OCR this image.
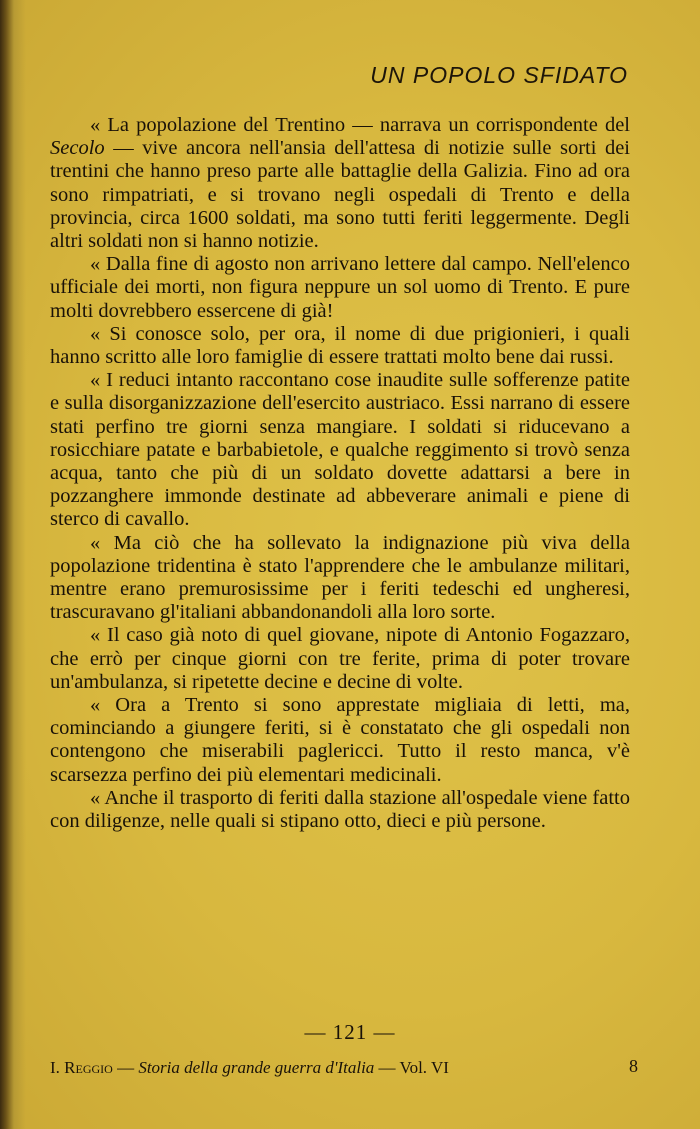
UN POPOLO SFIDATO

« La popolazione del Trentino — narrava un corrispondente del Secolo — vive ancora nell'ansia dell'attesa di notizie sulle sorti dei trentini che hanno preso parte alle battaglie della Galizia. Fino ad ora sono rimpatriati, e si trovano negli ospedali di Trento e della provincia, circa 1600 soldati, ma sono tutti feriti leggermente. Degli altri soldati non si hanno notizie.

« Dalla fine di agosto non arrivano lettere dal campo. Nell'elenco ufficiale dei morti, non figura neppure un sol uomo di Trento. E pure molti dovrebbero essercene di già!

« Si conosce solo, per ora, il nome di due prigionieri, i quali hanno scritto alle loro famiglie di essere trattati molto bene dai russi.

« I reduci intanto raccontano cose inaudite sulle sofferenze patite e sulla disorganizzazione dell'esercito austriaco. Essi narrano di essere stati perfino tre giorni senza mangiare. I soldati si riducevano a rosicchiare patate e barbabietole, e qualche reggimento si trovò senza acqua, tanto che più di un soldato dovette adattarsi a bere in pozzanghere immonde destinate ad abbeverare animali e piene di sterco di cavallo.

« Ma ciò che ha sollevato la indignazione più viva della popolazione tridentina è stato l'apprendere che le ambulanze militari, mentre erano premurosissime per i feriti tedeschi ed ungheresi, trascuravano gl'italiani abbandonandoli alla loro sorte.

« Il caso già noto di quel giovane, nipote di Antonio Fogazzaro, che errò per cinque giorni con tre ferite, prima di poter trovare un'ambulanza, si ripetette decine e decine di volte.

« Ora a Trento si sono apprestate migliaia di letti, ma, cominciando a giungere feriti, si è constatato che gli ospedali non contengono che miserabili paglericci. Tutto il resto manca, v'è scarsezza perfino dei più elementari medicinali.

« Anche il trasporto di feriti dalla stazione all'ospedale viene fatto con diligenze, nelle quali si stipano otto, dieci e più persone.

— 121 —
I. Reggio — Storia della grande guerra d'Italia — Vol. VI	8
